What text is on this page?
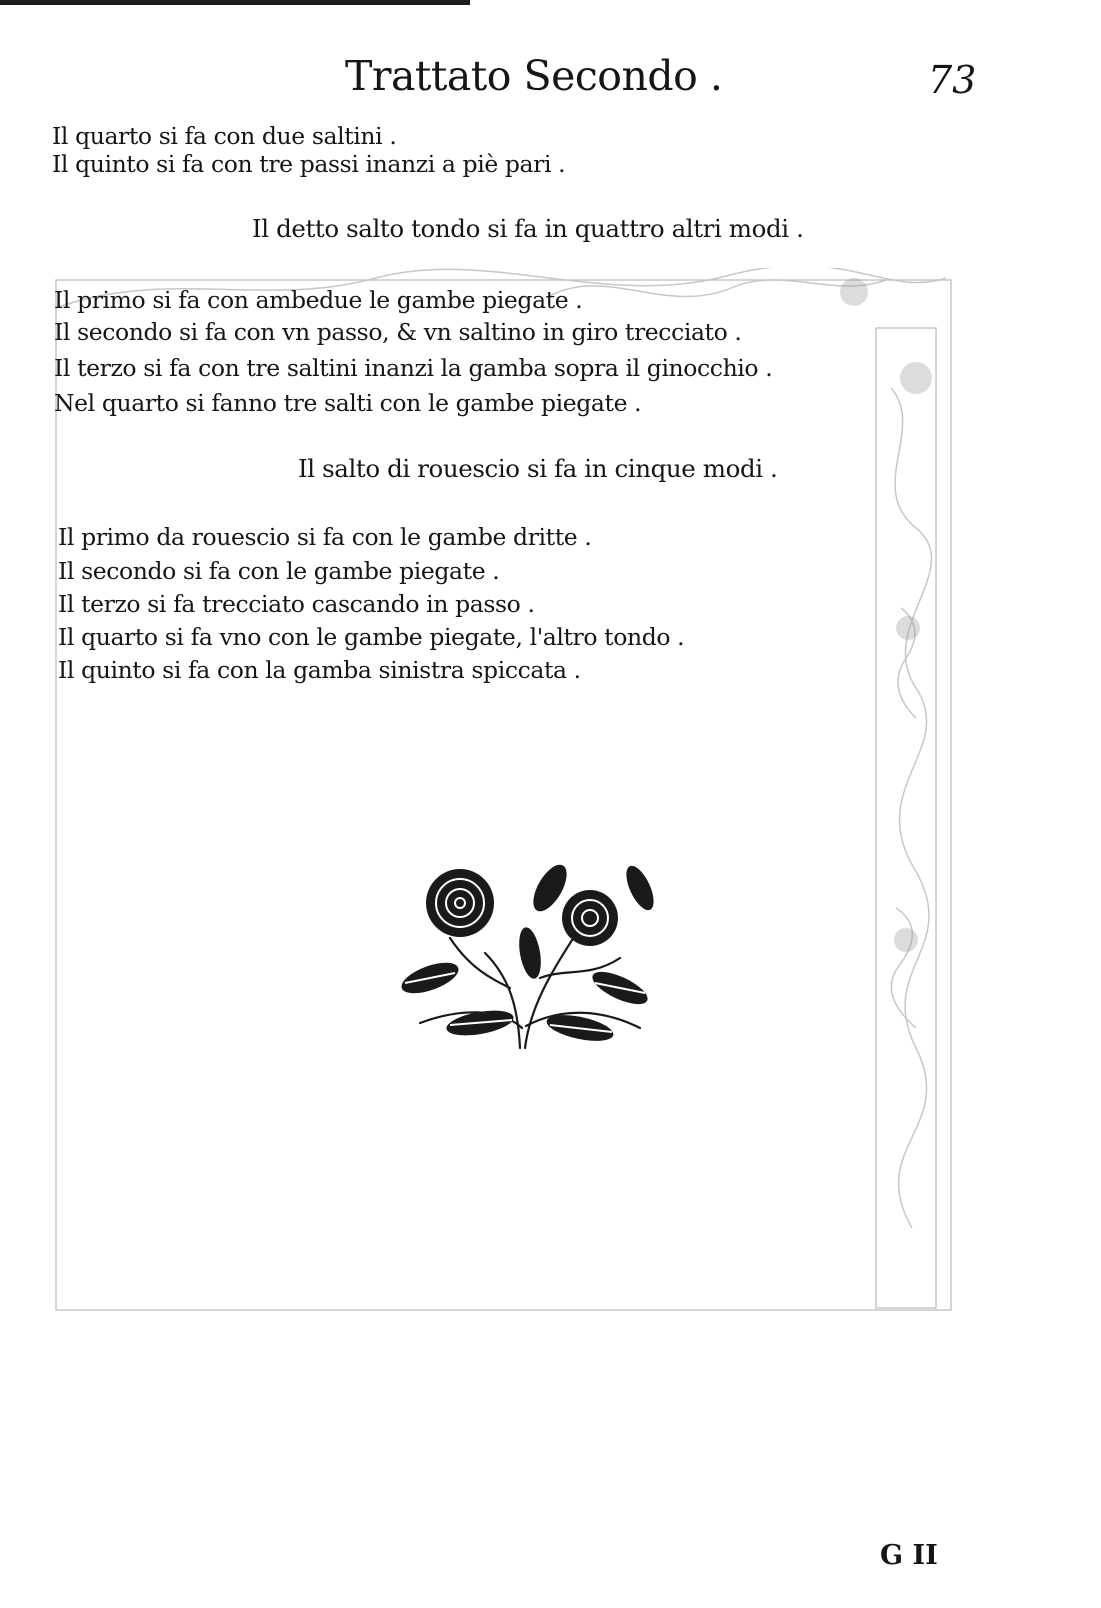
Trattato Secondo .	73
Il quarto si fa con due saltini .
Il quinto si fa con tre passi inanzi a piè pari .
Il detto salto tondo si fa in quattro altri modi .
Il primo si fa con ambedue le gambe piegate .
Il secondo si fa con vn passo, & vn saltino in giro trecciato .
Il terzo si fa con tre saltini inanzi la gamba sopra il ginocchio .
Nel quarto si fanno tre salti con le gambe piegate .
Il salto di rouescio si fa in cinque modi .
Il primo da rouescio si fa con le gambe dritte .
Il secondo si fa con le gambe piegate .
Il terzo si fa trecciato cascando in passo .
Il quarto si fa vno con le gambe piegate, l'altro tondo .
Il quinto si fa con la gamba sinistra spiccata .
G II
